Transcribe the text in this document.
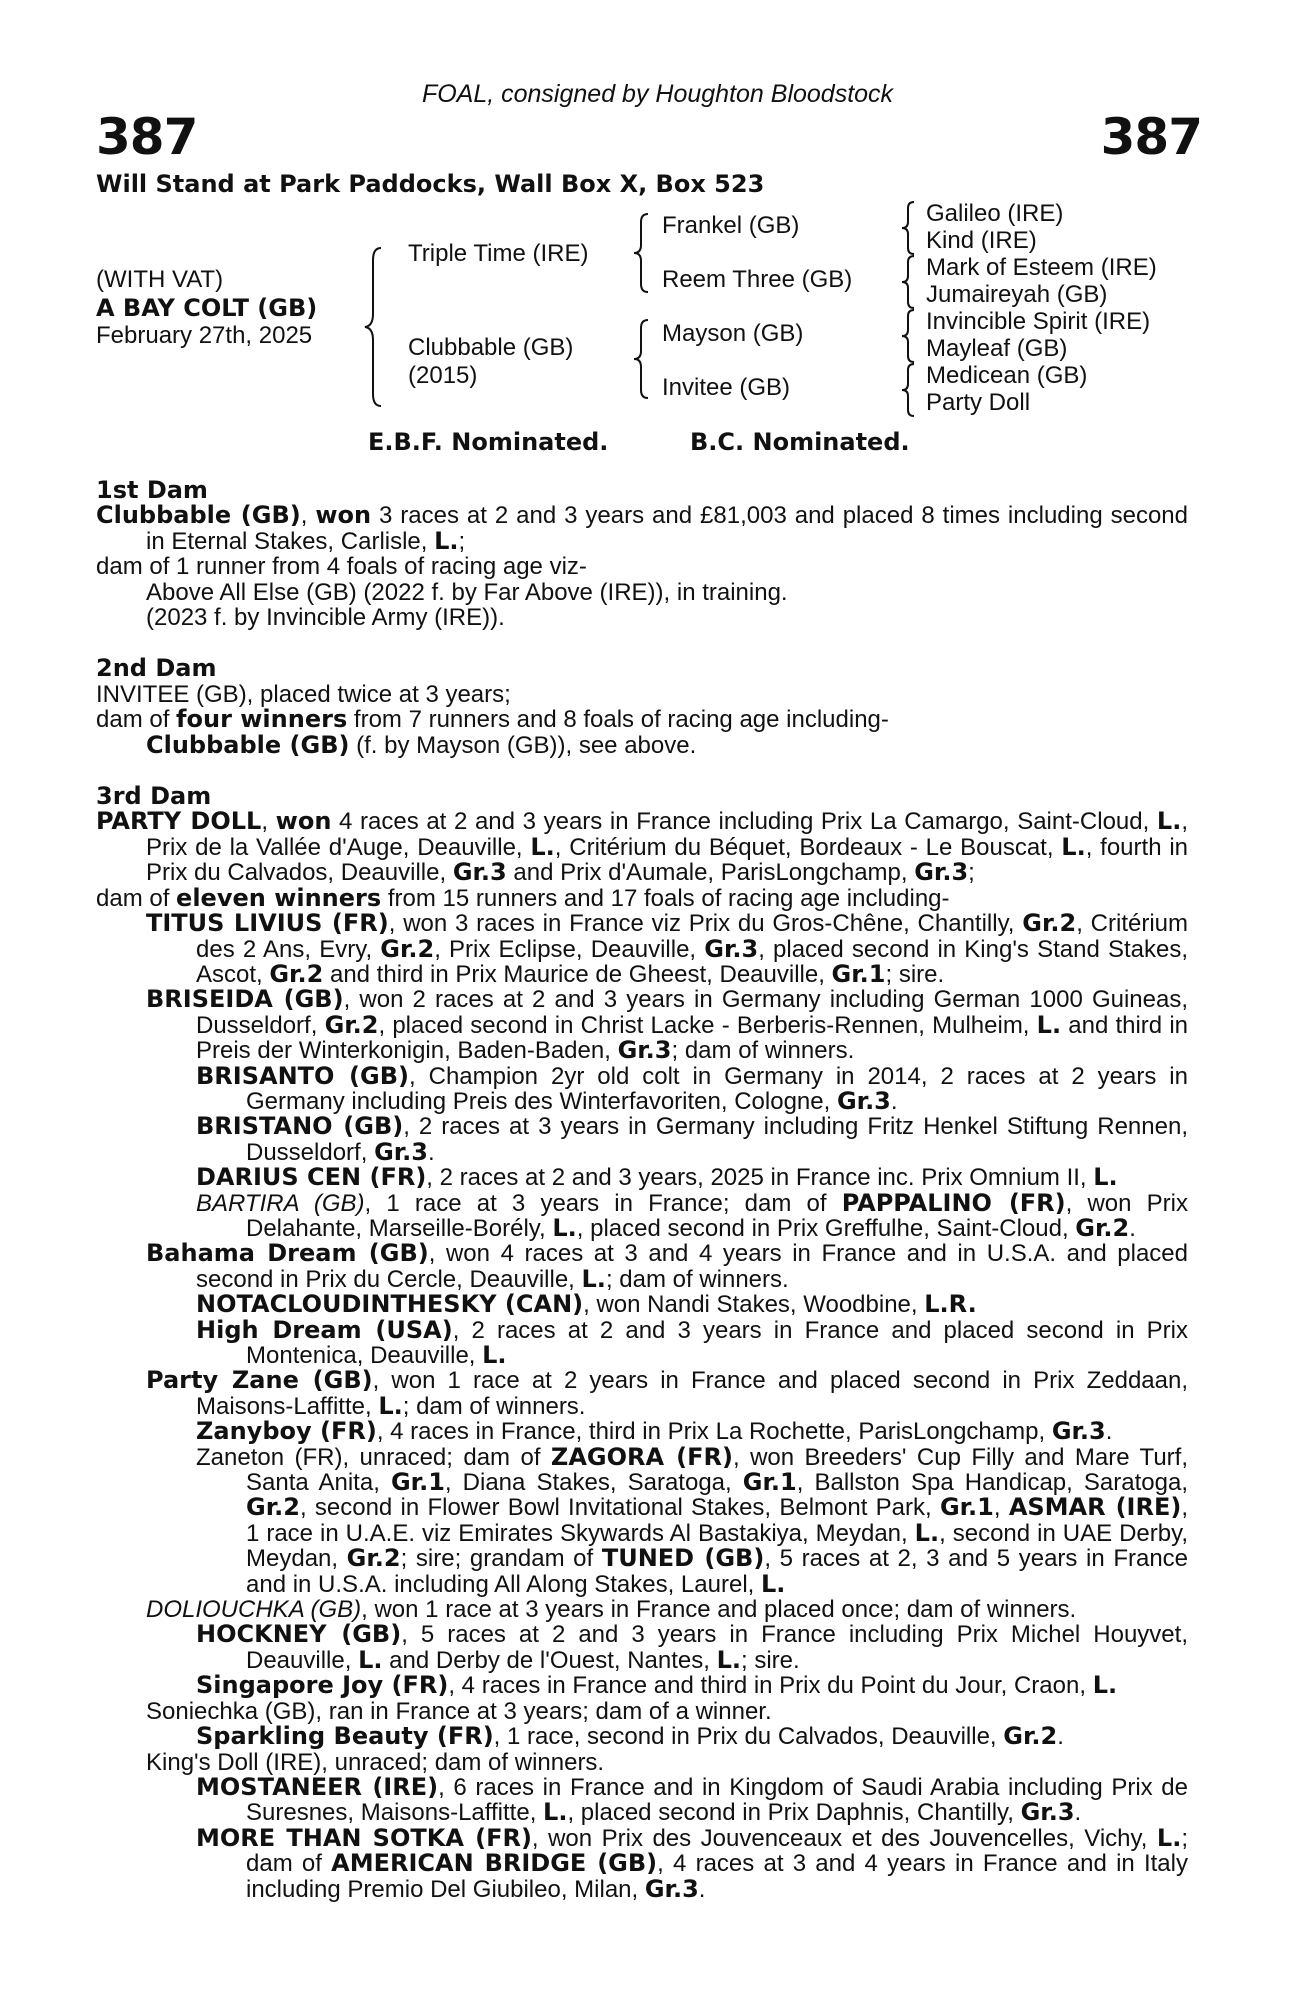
FOAL, consigned by Houghton Bloodstock
387	387
Will Stand at Park Paddocks, Wall Box X, Box 523
(WITH VAT)
A BAY COLT (GB)
February 27th, 2025
Triple Time (IRE)
Clubbable (GB)
(2015)
Frankel (GB)
Reem Three (GB)
Mayson (GB)
Invitee (GB)
Galileo (IRE)
Kind (IRE)
Mark of Esteem (IRE)
Jumaireyah (GB)
Invincible Spirit (IRE)
Mayleaf (GB)
Medicean (GB)
Party Doll
E.B.F. Nominated.	B.C. Nominated.

1st Dam

Clubbable (GB), won 3 races at 2 and 3 years and £81,003 and placed 8 times including second in Eternal Stakes, Carlisle, L.;

dam of 1 runner from 4 foals of racing age viz-

Above All Else (GB) (2022 f. by Far Above (IRE)), in training.

(2023 f. by Invincible Army (IRE)).

2nd Dam

INVITEE (GB), placed twice at 3 years;

dam of four winners from 7 runners and 8 foals of racing age including-

Clubbable (GB) (f. by Mayson (GB)), see above.

3rd Dam

PARTY DOLL, won 4 races at 2 and 3 years in France including Prix La Camargo, Saint-Cloud, L., Prix de la Vallée d'Auge, Deauville, L., Critérium du Béquet, Bordeaux - Le Bouscat, L., fourth in Prix du Calvados, Deauville, Gr.3 and Prix d'Aumale, ParisLongchamp, Gr.3;

dam of eleven winners from 15 runners and 17 foals of racing age including-

TITUS LIVIUS (FR), won 3 races in France viz Prix du Gros-Chêne, Chantilly, Gr.2, Critérium des 2 Ans, Evry, Gr.2, Prix Eclipse, Deauville, Gr.3, placed second in King's Stand Stakes, Ascot, Gr.2 and third in Prix Maurice de Gheest, Deauville, Gr.1; sire.

BRISEIDA (GB), won 2 races at 2 and 3 years in Germany including German 1000 Guineas, Dusseldorf, Gr.2, placed second in Christ Lacke - Berberis-Rennen, Mulheim, L. and third in Preis der Winterkonigin, Baden-Baden, Gr.3; dam of winners.

BRISANTO (GB), Champion 2yr old colt in Germany in 2014, 2 races at 2 years in Germany including Preis des Winterfavoriten, Cologne, Gr.3.

BRISTANO (GB), 2 races at 3 years in Germany including Fritz Henkel Stiftung Rennen, Dusseldorf, Gr.3.

DARIUS CEN (FR), 2 races at 2 and 3 years, 2025 in France inc. Prix Omnium II, L.

BARTIRA (GB), 1 race at 3 years in France; dam of PAPPALINO (FR), won Prix Delahante, Marseille-Borély, L., placed second in Prix Greffulhe, Saint-Cloud, Gr.2.

Bahama Dream (GB), won 4 races at 3 and 4 years in France and in U.S.A. and placed second in Prix du Cercle, Deauville, L.; dam of winners.

NOTACLOUDINTHESKY (CAN), won Nandi Stakes, Woodbine, L.R.

High Dream (USA), 2 races at 2 and 3 years in France and placed second in Prix Montenica, Deauville, L.

Party Zane (GB), won 1 race at 2 years in France and placed second in Prix Zeddaan, Maisons-Laffitte, L.; dam of winners.

Zanyboy (FR), 4 races in France, third in Prix La Rochette, ParisLongchamp, Gr.3.

Zaneton (FR), unraced; dam of ZAGORA (FR), won Breeders' Cup Filly and Mare Turf, Santa Anita, Gr.1, Diana Stakes, Saratoga, Gr.1, Ballston Spa Handicap, Saratoga, Gr.2, second in Flower Bowl Invitational Stakes, Belmont Park, Gr.1, ASMAR (IRE), 1 race in U.A.E. viz Emirates Skywards Al Bastakiya, Meydan, L., second in UAE Derby, Meydan, Gr.2; sire; grandam of TUNED (GB), 5 races at 2, 3 and 5 years in France and in U.S.A. including All Along Stakes, Laurel, L.

DOLIOUCHKA (GB), won 1 race at 3 years in France and placed once; dam of winners.

HOCKNEY (GB), 5 races at 2 and 3 years in France including Prix Michel Houyvet, Deauville, L. and Derby de l'Ouest, Nantes, L.; sire.

Singapore Joy (FR), 4 races in France and third in Prix du Point du Jour, Craon, L.

Soniechka (GB), ran in France at 3 years; dam of a winner.

Sparkling Beauty (FR), 1 race, second in Prix du Calvados, Deauville, Gr.2.

King's Doll (IRE), unraced; dam of winners.

MOSTANEER (IRE), 6 races in France and in Kingdom of Saudi Arabia including Prix de Suresnes, Maisons-Laffitte, L., placed second in Prix Daphnis, Chantilly, Gr.3.

MORE THAN SOTKA (FR), won Prix des Jouvenceaux et des Jouvencelles, Vichy, L.; dam of AMERICAN BRIDGE (GB), 4 races at 3 and 4 years in France and in Italy including Premio Del Giubileo, Milan, Gr.3.
